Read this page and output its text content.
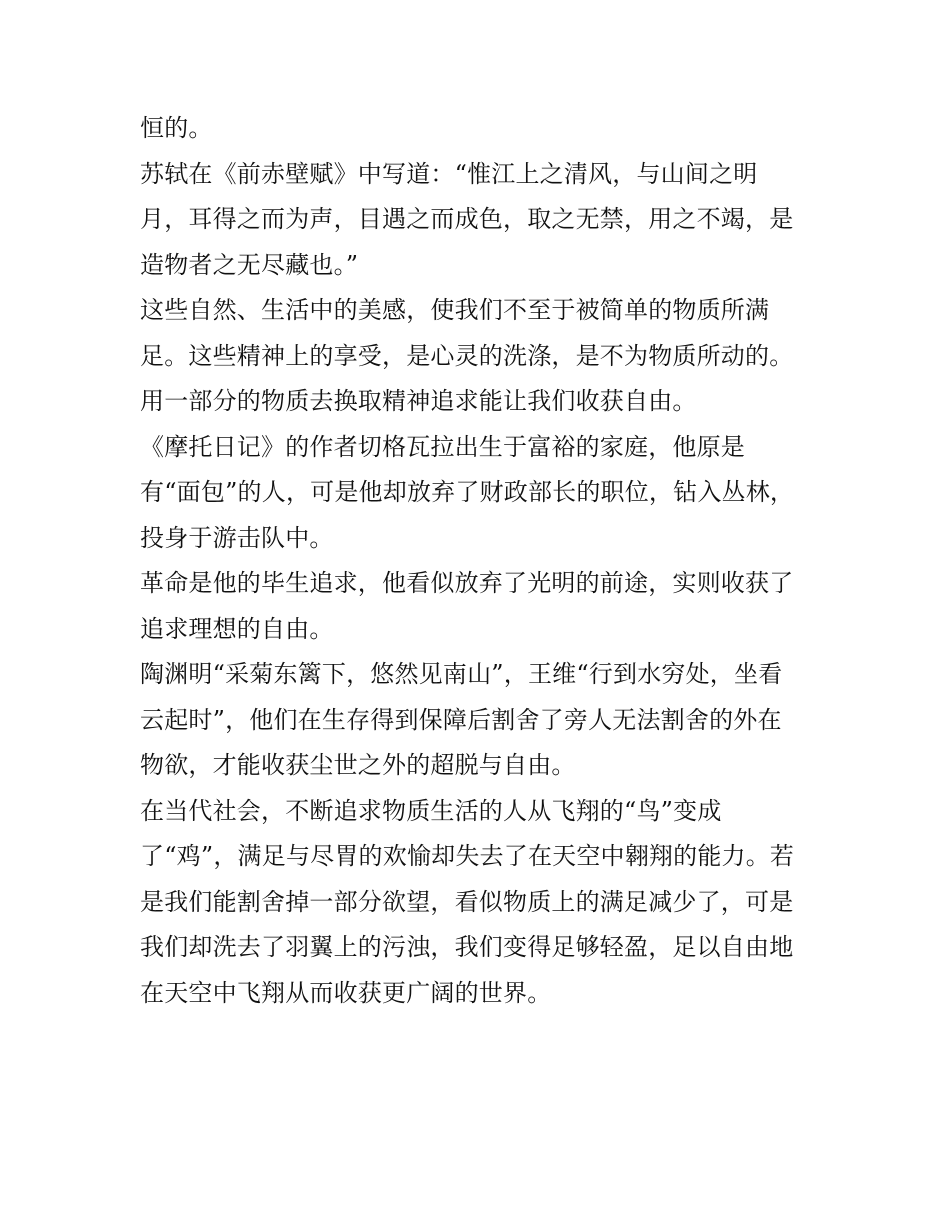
恒的。
苏轼在《前赤壁赋》中写道：“惟江上之清风，与山间之明
月，耳得之而为声，目遇之而成色，取之无禁，用之不竭，是
造物者之无尽藏也。”
这些自然、生活中的美感，使我们不至于被简单的物质所满
足。这些精神上的享受，是心灵的洗涤，是不为物质所动的。
用一部分的物质去换取精神追求能让我们收获自由。
《摩托日记》的作者切格瓦拉出生于富裕的家庭，他原是
有“面包”的人，可是他却放弃了财政部长的职位，钻入丛林，
投身于游击队中。
革命是他的毕生追求，他看似放弃了光明的前途，实则收获了
追求理想的自由。
陶渊明“采菊东篱下，悠然见南山”，王维“行到水穷处，坐看
云起时”，他们在生存得到保障后割舍了旁人无法割舍的外在
物欲，才能收获尘世之外的超脱与自由。
在当代社会，不断追求物质生活的人从飞翔的“鸟”变成
了“鸡”，满足与尽胃的欢愉却失去了在天空中翱翔的能力。若
是我们能割舍掉一部分欲望，看似物质上的满足减少了，可是
我们却洗去了羽翼上的污浊，我们变得足够轻盈，足以自由地
在天空中飞翔从而收获更广阔的世界。
